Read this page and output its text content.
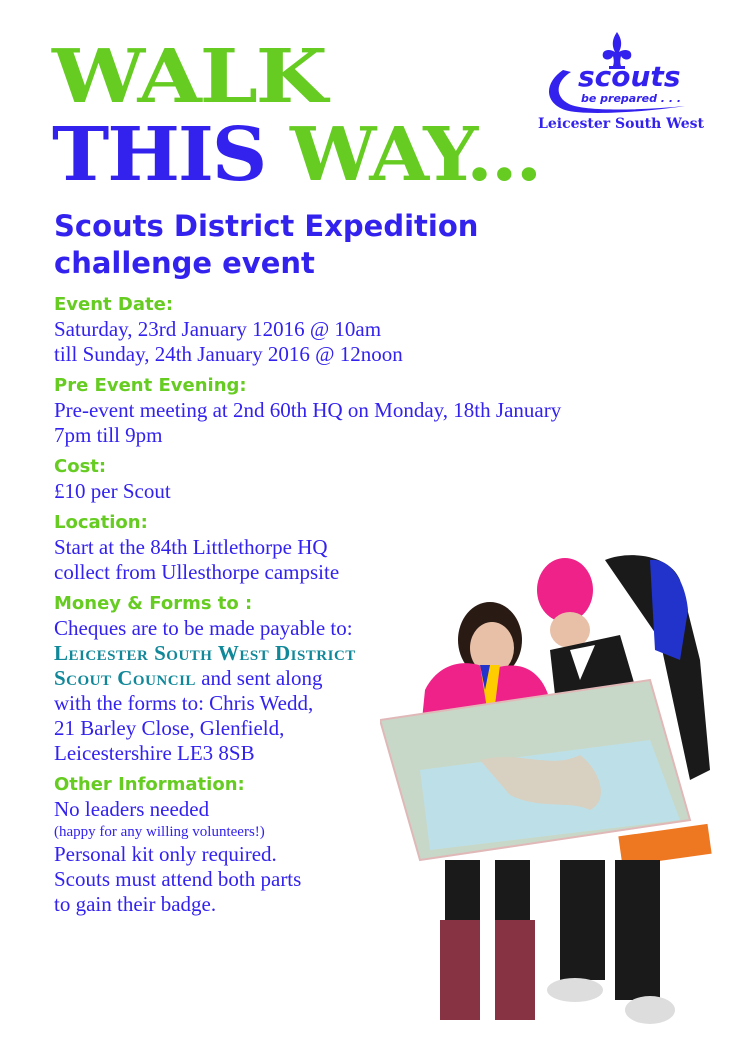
WALK
THIS WAY...
scouts
be prepared . . .
Leicester South West
Scouts District Expedition
challenge event
Event Date:
Saturday, 23rd January 12016 @ 10am
till Sunday, 24th January 2016 @ 12noon
Pre Event Evening:
Pre-event meeting at 2nd 60th HQ on Monday, 18th January
7pm till 9pm
Cost:
£10 per Scout
Location:
Start at the 84th Littlethorpe HQ
collect from Ullesthorpe campsite
Money & Forms to :
Cheques are to be made payable to:
Leicester South West District
Scout Council and sent along
with the forms to: Chris Wedd,
21 Barley Close, Glenfield,
Leicestershire LE3 8SB
Other Information:
No leaders needed
(happy for any willing volunteers!)
Personal kit only required.
Scouts must attend both parts
to gain their badge.
